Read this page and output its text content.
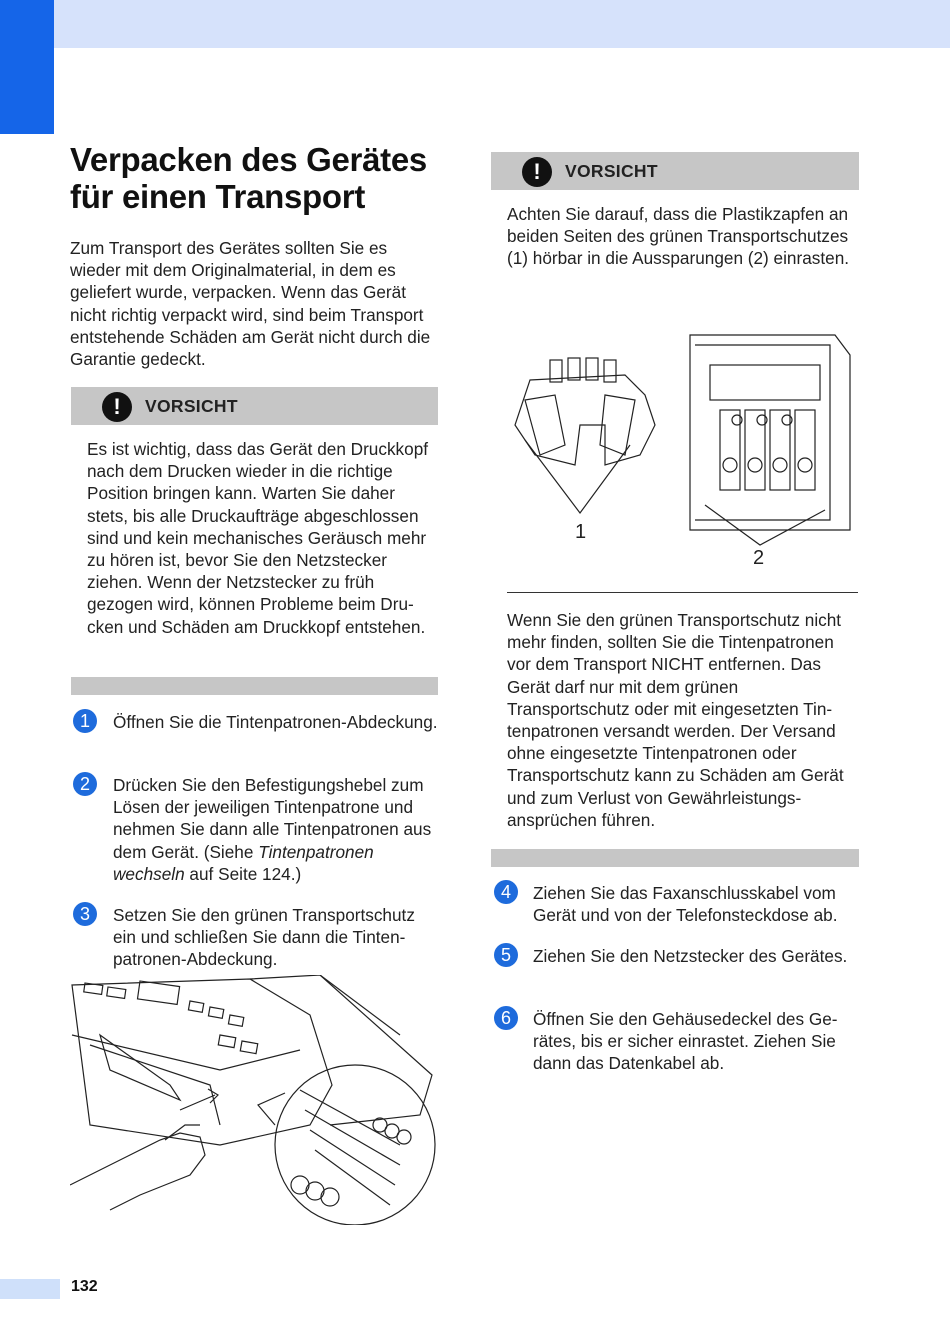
Verpacken des Gerätes für einen Transport

Zum Transport des Gerätes sollten Sie es wieder mit dem Originalmaterial, in dem es geliefert wurde, verpacken. Wenn das Gerät nicht richtig verpackt wird, sind beim Transport entstehende Schäden am Gerät nicht durch die Garantie gedeckt.

!	VORSICHT

Es ist wichtig, dass das Gerät den Druckkopf nach dem Drucken wieder in die richtige Position bringen kann. Warten Sie daher stets, bis alle Druckaufträge abgeschlossen sind und kein mechanisches Geräusch mehr zu hören ist, bevor Sie den Netzstecker ziehen. Wenn der Netzstecker zu früh gezogen wird, können Probleme beim Drucken und Schäden am Druckkopf entstehen.

1	Öffnen Sie die Tintenpatronen-Abdeckung.

2	Drücken Sie den Befestigungshebel zum Lösen der jeweiligen Tintenpatrone und nehmen Sie dann alle Tintenpatronen aus dem Gerät. (Siehe Tintenpatronen wechseln auf Seite 124.)

3	Setzen Sie den grünen Transportschutz ein und schließen Sie dann die Tintenpatronen-Abdeckung.

!	VORSICHT

Achten Sie darauf, dass die Plastikzapfen an beiden Seiten des grünen Transportschutzes (1) hörbar in die Aussparungen (2) einrasten.

1
2

Wenn Sie den grünen Transportschutz nicht mehr finden, sollten Sie die Tintenpatronen vor dem Transport NICHT entfernen. Das Gerät darf nur mit dem grünen Transportschutz oder mit eingesetzten Tintenpatronen versandt werden. Der Versand ohne eingesetzte Tintenpatronen oder Transportschutz kann zu Schäden am Gerät und zum Verlust von Gewährleistungsansprüchen führen.

4	Ziehen Sie das Faxanschlusskabel vom Gerät und von der Telefonsteckdose ab.

5	Ziehen Sie den Netzstecker des Gerätes.

6	Öffnen Sie den Gehäusedeckel des Gerätes, bis er sicher einrastet. Ziehen Sie dann das Datenkabel ab.

132
